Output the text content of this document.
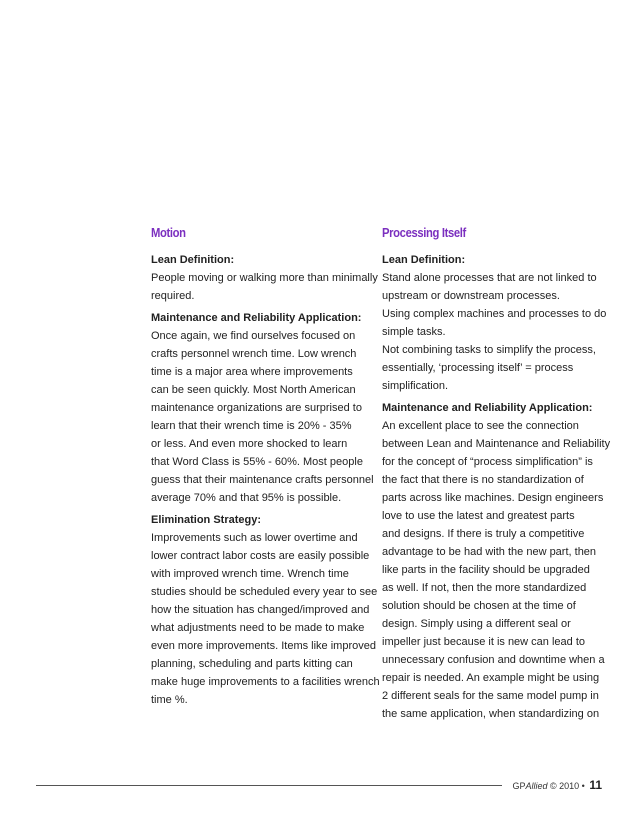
Motion
Lean Definition:
People moving or walking more than minimally
required.
Maintenance and Reliability Application:
Once again, we find ourselves focused on
crafts personnel wrench time. Low wrench
time is a major area where improvements
can be seen quickly. Most North American
maintenance organizations are surprised to
learn that their wrench time is 20% - 35%
or less. And even more shocked to learn
that Word Class is 55% - 60%. Most people
guess that their maintenance crafts personnel
average 70% and that 95% is possible.
Elimination Strategy:
Improvements such as lower overtime and
lower contract labor costs are easily possible
with improved wrench time. Wrench time
studies should be scheduled every year to see
how the situation has changed/improved and
what adjustments need to be made to make
even more improvements. Items like improved
planning, scheduling and parts kitting can
make huge improvements to a facilities wrench
time %.
Processing Itself
Lean Definition:
Stand alone processes that are not linked to
upstream or downstream processes.
Using complex machines and processes to do
simple tasks.
Not combining tasks to simplify the process,
essentially, ‘processing itself’ = process
simplification.
Maintenance and Reliability Application:
An excellent place to see the connection
between Lean and Maintenance and Reliability
for the concept of “process simplification” is
the fact that there is no standardization of
parts across like machines. Design engineers
love to use the latest and greatest parts
and designs. If there is truly a competitive
advantage to be had with the new part, then
like parts in the facility should be upgraded
as well. If not, then the more standardized
solution should be chosen at the time of
design. Simply using a different seal or
impeller just because it is new can lead to
unnecessary confusion and downtime when a
repair is needed. An example might be using
2 different seals for the same model pump in
the same application, when standardizing on
GPAllied © 2010 • 11
